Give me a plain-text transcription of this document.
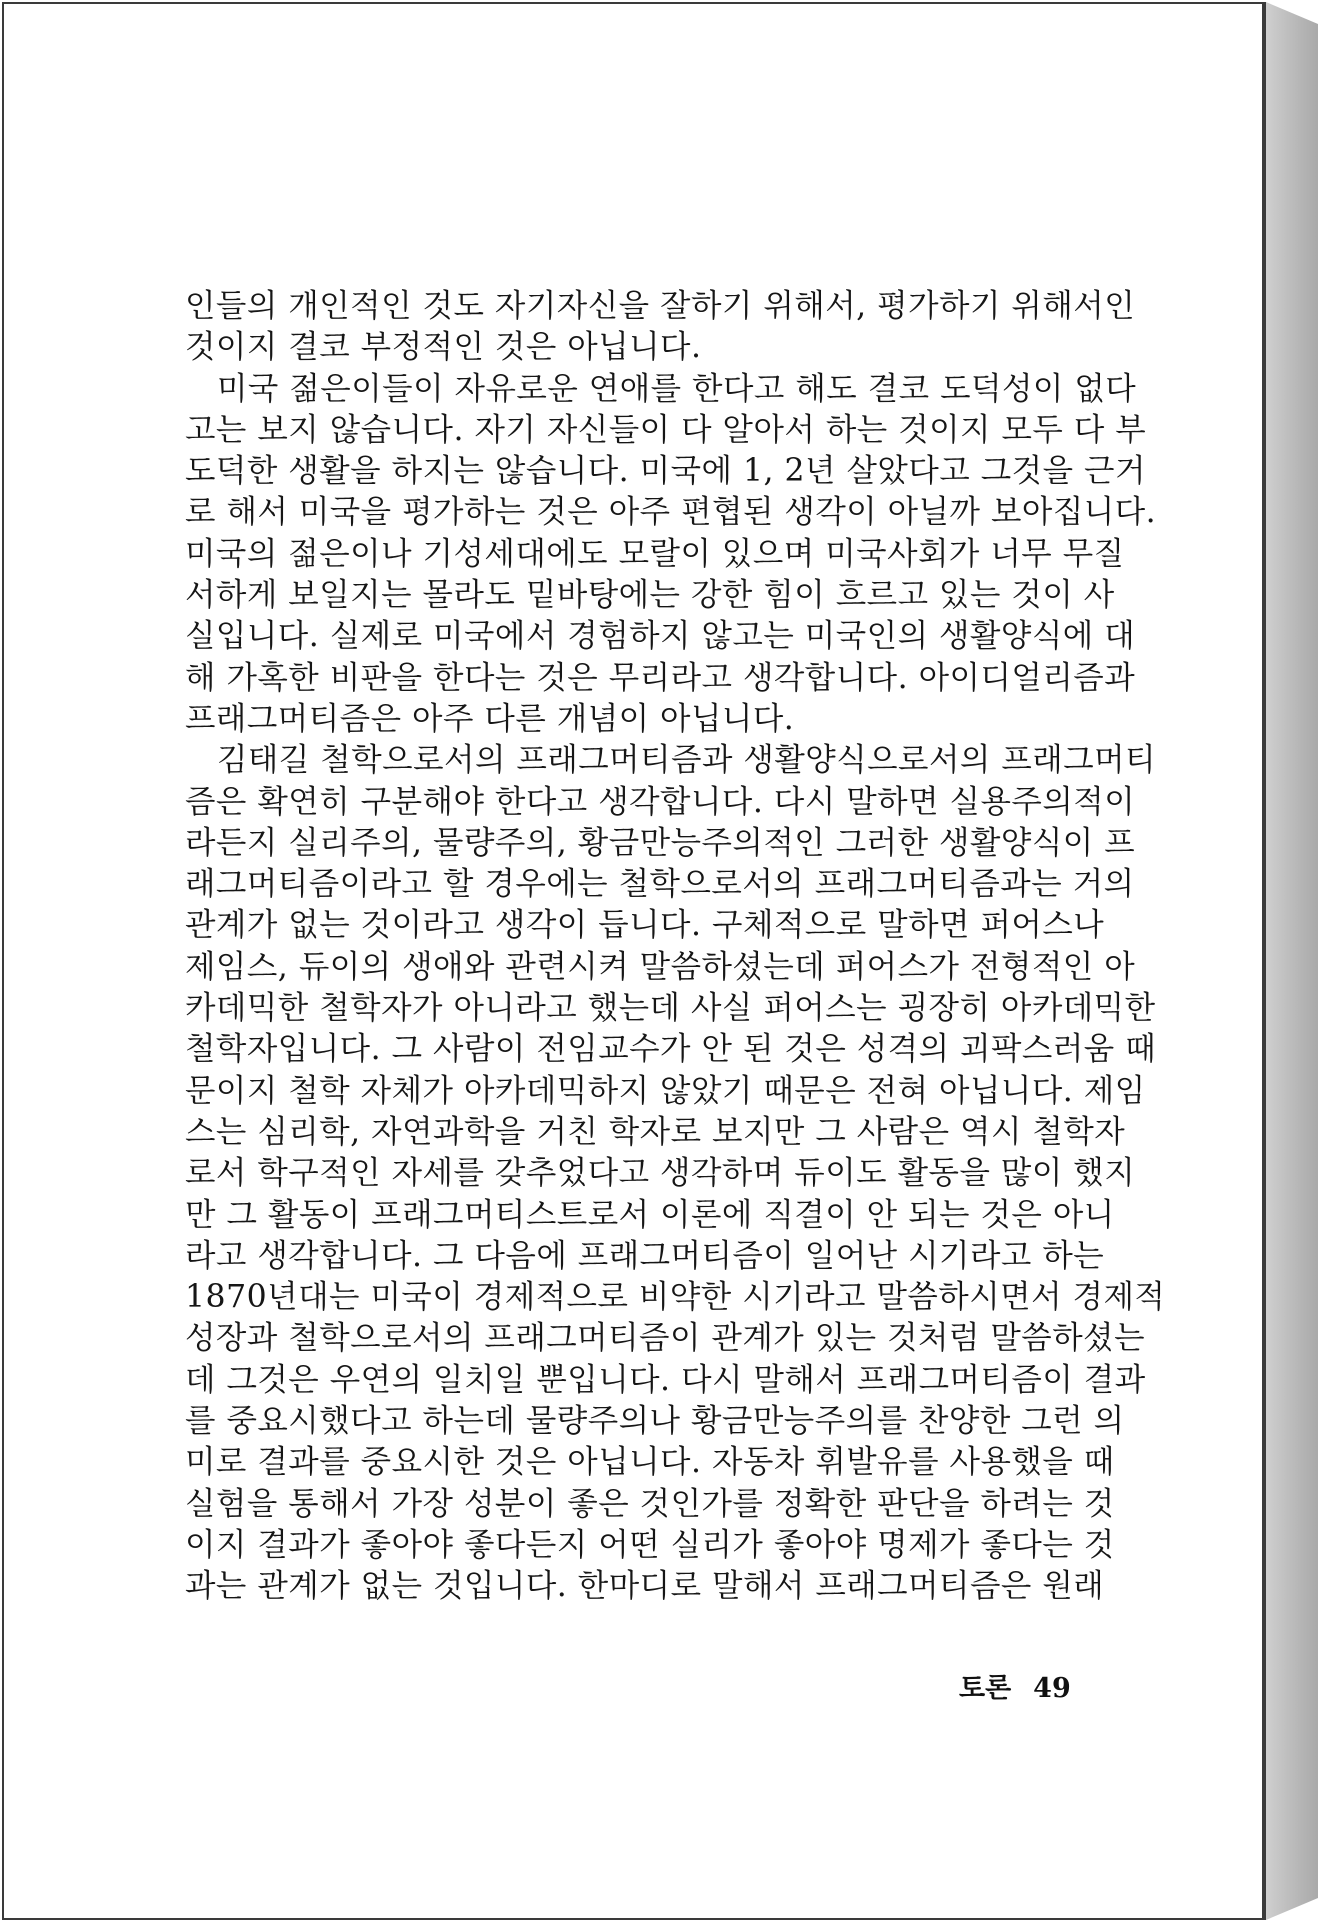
인들의 개인적인 것도 자기자신을 잘하기 위해서, 평가하기 위해서인
것이지 결코 부정적인 것은 아닙니다.
미국 젊은이들이 자유로운 연애를 한다고 해도 결코 도덕성이 없다
고는 보지 않습니다. 자기 자신들이 다 알아서 하는 것이지 모두 다 부
도덕한 생활을 하지는 않습니다. 미국에 1, 2년 살았다고 그것을 근거
로 해서 미국을 평가하는 것은 아주 편협된 생각이 아닐까 보아집니다.
미국의 젊은이나 기성세대에도 모랄이 있으며 미국사회가 너무 무질
서하게 보일지는 몰라도 밑바탕에는 강한 힘이 흐르고 있는 것이 사
실입니다. 실제로 미국에서 경험하지 않고는 미국인의 생활양식에 대
해 가혹한 비판을 한다는 것은 무리라고 생각합니다. 아이디얼리즘과
프래그머티즘은 아주 다른 개념이 아닙니다.
김태길 철학으로서의 프래그머티즘과 생활양식으로서의 프래그머티
즘은 확연히 구분해야 한다고 생각합니다. 다시 말하면 실용주의적이
라든지 실리주의, 물량주의, 황금만능주의적인 그러한 생활양식이 프
래그머티즘이라고 할 경우에는 철학으로서의 프래그머티즘과는 거의
관계가 없는 것이라고 생각이 듭니다. 구체적으로 말하면 퍼어스나
제임스, 듀이의 생애와 관련시켜 말씀하셨는데 퍼어스가 전형적인 아
카데믹한 철학자가 아니라고 했는데 사실 퍼어스는 굉장히 아카데믹한
철학자입니다. 그 사람이 전임교수가 안 된 것은 성격의 괴팍스러움 때
문이지 철학 자체가 아카데믹하지 않았기 때문은 전혀 아닙니다. 제임
스는 심리학, 자연과학을 거친 학자로 보지만 그 사람은 역시 철학자
로서 학구적인 자세를 갖추었다고 생각하며 듀이도 활동을 많이 했지
만 그 활동이 프래그머티스트로서 이론에 직결이 안 되는 것은 아니
라고 생각합니다. 그 다음에 프래그머티즘이 일어난 시기라고 하는
1870년대는 미국이 경제적으로 비약한 시기라고 말씀하시면서 경제적
성장과 철학으로서의 프래그머티즘이 관계가 있는 것처럼 말씀하셨는
데 그것은 우연의 일치일 뿐입니다. 다시 말해서 프래그머티즘이 결과
를 중요시했다고 하는데 물량주의나 황금만능주의를 찬양한 그런 의
미로 결과를 중요시한 것은 아닙니다. 자동차 휘발유를 사용했을 때
실험을 통해서 가장 성분이 좋은 것인가를 정확한 판단을 하려는 것
이지 결과가 좋아야 좋다든지 어떤 실리가 좋아야 명제가 좋다는 것
과는 관계가 없는 것입니다. 한마디로 말해서 프래그머티즘은 원래
토론 49
